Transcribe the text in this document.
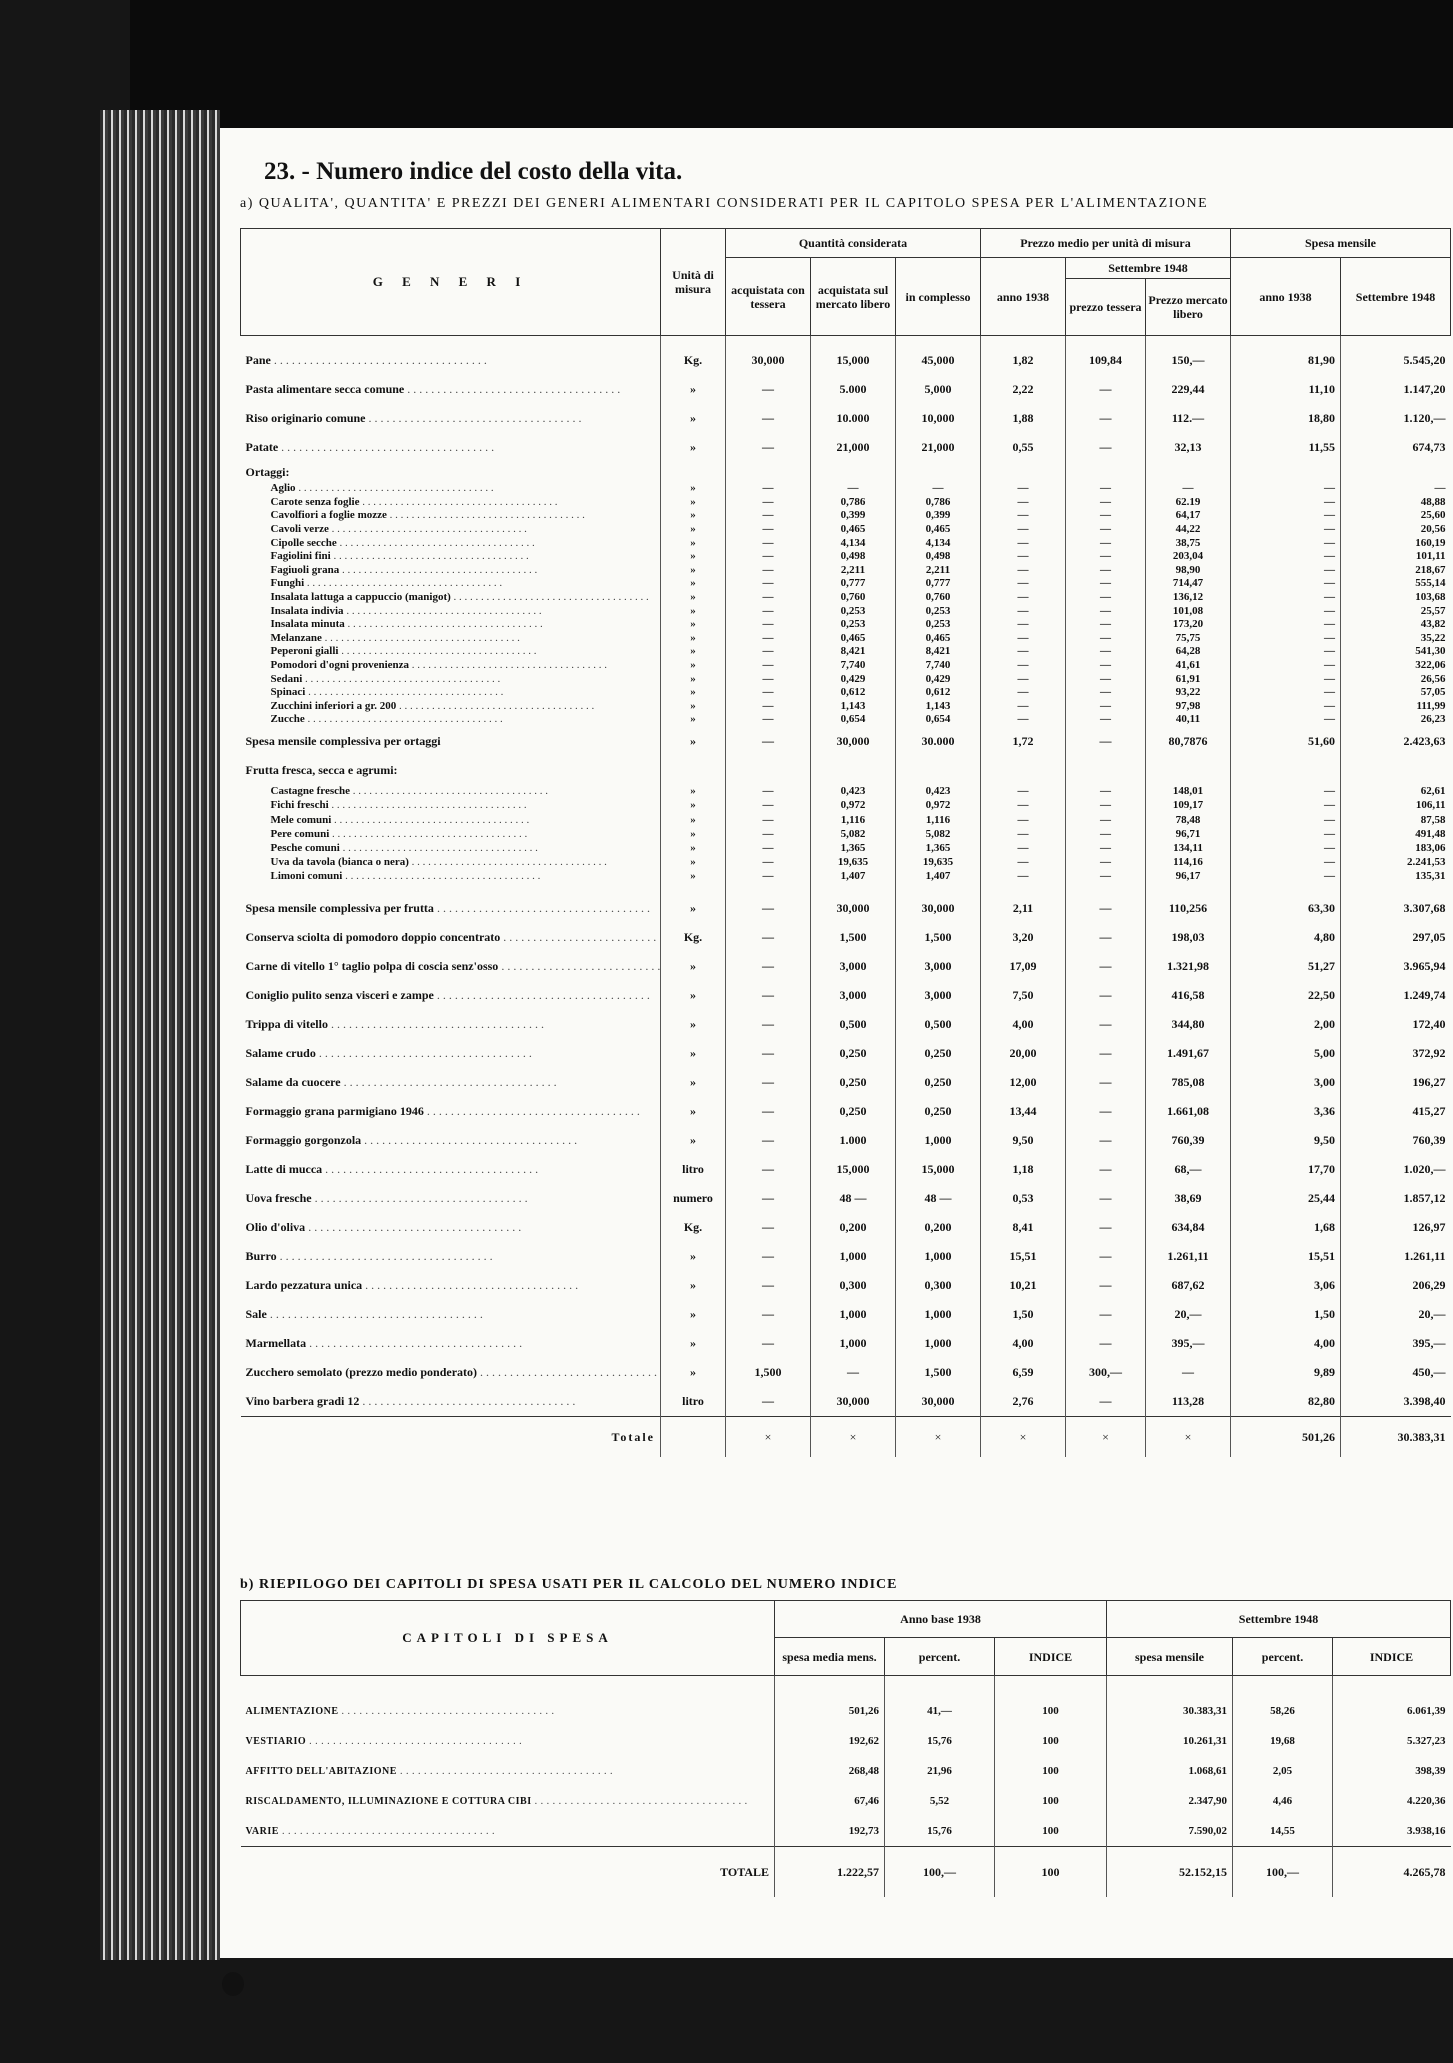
23. - Numero indice del costo della vita.
a) QUALITA', QUANTITA' E PREZZI DEI GENERI ALIMENTARI CONSIDERATI PER IL CAPITOLO SPESA PER L'ALIMENTAZIONE
G E N E R I	Unità di misura	Quantità considerata			Prezzo medio per unità di misura			Spesa mensile	
		acquistata con tessera	acquistata sul mercato libero	in complesso	anno 1938	Settembre 1948		anno 1938	Settembre 1948
						prezzo tessera	Prezzo mercato libero		

Pane . . .	Kg.	30,000	15,000	45,000	1,82	109,84	150,—	81,90	5.545,20
Pasta alimentare secca comune . . .	»	—	5.000	5,000	2,22	—	229,44	11,10	1.147,20
Riso originario comune . . .	»	—	10.000	10,000	1,88	—	112.—	18,80	1.120,—
Patate . . .	»	—	21,000	21,000	0,55	—	32,13	11,55	674,73
Ortaggi:									
Aglio . . .	»	—	—	—	—	—	—	—	—
Carote senza foglie . . .	»	—	0,786	0,786	—	—	62.19	—	48,88
Cavolfiori a foglie mozze . . .	»	—	0,399	0,399	—	—	64,17	—	25,60
Cavoli verze . . .	»	—	0,465	0,465	—	—	44,22	—	20,56
Cipolle secche . . .	»	—	4,134	4,134	—	—	38,75	—	160,19
Fagiolini fini . . .	»	—	0,498	0,498	—	—	203,04	—	101,11
Fagiuoli grana . . .	»	—	2,211	2,211	—	—	98,90	—	218,67
Funghi . . .	»	—	0,777	0,777	—	—	714,47	—	555,14
Insalata lattuga a cappuccio (manigot) . . .	»	—	0,760	0,760	—	—	136,12	—	103,68
Insalata indivia . . .	»	—	0,253	0,253	—	—	101,08	—	25,57
Insalata minuta . . .	»	—	0,253	0,253	—	—	173,20	—	43,82
Melanzane . . .	»	—	0,465	0,465	—	—	75,75	—	35,22
Peperoni gialli . . .	»	—	8,421	8,421	—	—	64,28	—	541,30
Pomodori d'ogni provenienza . . .	»	—	7,740	7,740	—	—	41,61	—	322,06
Sedani . . .	»	—	0,429	0,429	—	—	61,91	—	26,56
Spinaci . . .	»	—	0,612	0,612	—	—	93,22	—	57,05
Zucchini inferiori a gr. 200 . . .	»	—	1,143	1,143	—	—	97,98	—	111,99
Zucche . . .	»	—	0,654	0,654	—	—	40,11	—	26,23
Spesa mensile complessiva per ortaggi	»	—	30,000	30.000	1,72	—	80,7876	51,60	2.423,63
Frutta fresca, secca e agrumi:									
Castagne fresche . . .	»	—	0,423	0,423	—	—	148,01	—	62,61
Fichi freschi . . .	»	—	0,972	0,972	—	—	109,17	—	106,11
Mele comuni . . .	»	—	1,116	1,116	—	—	78,48	—	87,58
Pere comuni . . .	»	—	5,082	5,082	—	—	96,71	—	491,48
Pesche comuni . . .	»	—	1,365	1,365	—	—	134,11	—	183,06
Uva da tavola (bianca o nera) . . .	»	—	19,635	19,635	—	—	114,16	—	2.241,53
Limoni comuni . . .	»	—	1,407	1,407	—	—	96,17	—	135,31

Spesa mensile complessiva per frutta . . .	»	—	30,000	30,000	2,11	—	110,256	63,30	3.307,68
Conserva sciolta di pomodoro doppio concentrato . . .	Kg.	—	1,500	1,500	3,20	—	198,03	4,80	297,05
Carne di vitello 1° taglio polpa di coscia senz'osso . . .	»	—	3,000	3,000	17,09	—	1.321,98	51,27	3.965,94
Coniglio pulito senza visceri e zampe . . .	»	—	3,000	3,000	7,50	—	416,58	22,50	1.249,74
Trippa di vitello . . .	»	—	0,500	0,500	4,00	—	344,80	2,00	172,40
Salame crudo . . .	»	—	0,250	0,250	20,00	—	1.491,67	5,00	372,92
Salame da cuocere . . .	»	—	0,250	0,250	12,00	—	785,08	3,00	196,27
Formaggio grana parmigiano 1946 . . .	»	—	0,250	0,250	13,44	—	1.661,08	3,36	415,27
Formaggio gorgonzola . . .	»	—	1.000	1,000	9,50	—	760,39	9,50	760,39
Latte di mucca . . .	litro	—	15,000	15,000	1,18	—	68,—	17,70	1.020,—
Uova fresche . . .	numero	—	48 —	48 —	0,53	—	38,69	25,44	1.857,12
Olio d'oliva . . .	Kg.	—	0,200	0,200	8,41	—	634,84	1,68	126,97
Burro . . .	»	—	1,000	1,000	15,51	—	1.261,11	15,51	1.261,11
Lardo pezzatura unica . . .	»	—	0,300	0,300	10,21	—	687,62	3,06	206,29
Sale . . .	»	—	1,000	1,000	1,50	—	20,—	1,50	20,—
Marmellata . . .	»	—	1,000	1,000	4,00	—	395,—	4,00	395,—
Zucchero semolato (prezzo medio ponderato) . . .	»	1,500	—	1,500	6,59	300,—	—	9,89	450,—
Vino barbera gradi 12 . . .	litro	—	30,000	30,000	2,76	—	113,28	82,80	3.398,40
Totale		×	×	×	×	×	×	501,26	30.383,31
b) RIEPILOGO DEI CAPITOLI DI SPESA USATI PER IL CALCOLO DEL NUMERO INDICE
CAPITOLI DI SPESA	Anno base 1938			Settembre 1948		
	spesa media mens.	percent.	INDICE	spesa mensile	percent.	INDICE

ALIMENTAZIONE . . .	501,26	41,—	100	30.383,31	58,26	6.061,39
VESTIARIO . . .	192,62	15,76	100	10.261,31	19,68	5.327,23
AFFITTO DELL'ABITAZIONE . . .	268,48	21,96	100	1.068,61	2,05	398,39
RISCALDAMENTO, ILLUMINAZIONE E COTTURA CIBI . . .	67,46	5,52	100	2.347,90	4,46	4.220,36
VARIE . . .	192,73	15,76	100	7.590,02	14,55	3.938,16
TOTALE	1.222,57	100,—	100	52.152,15	100,—	4.265,78
